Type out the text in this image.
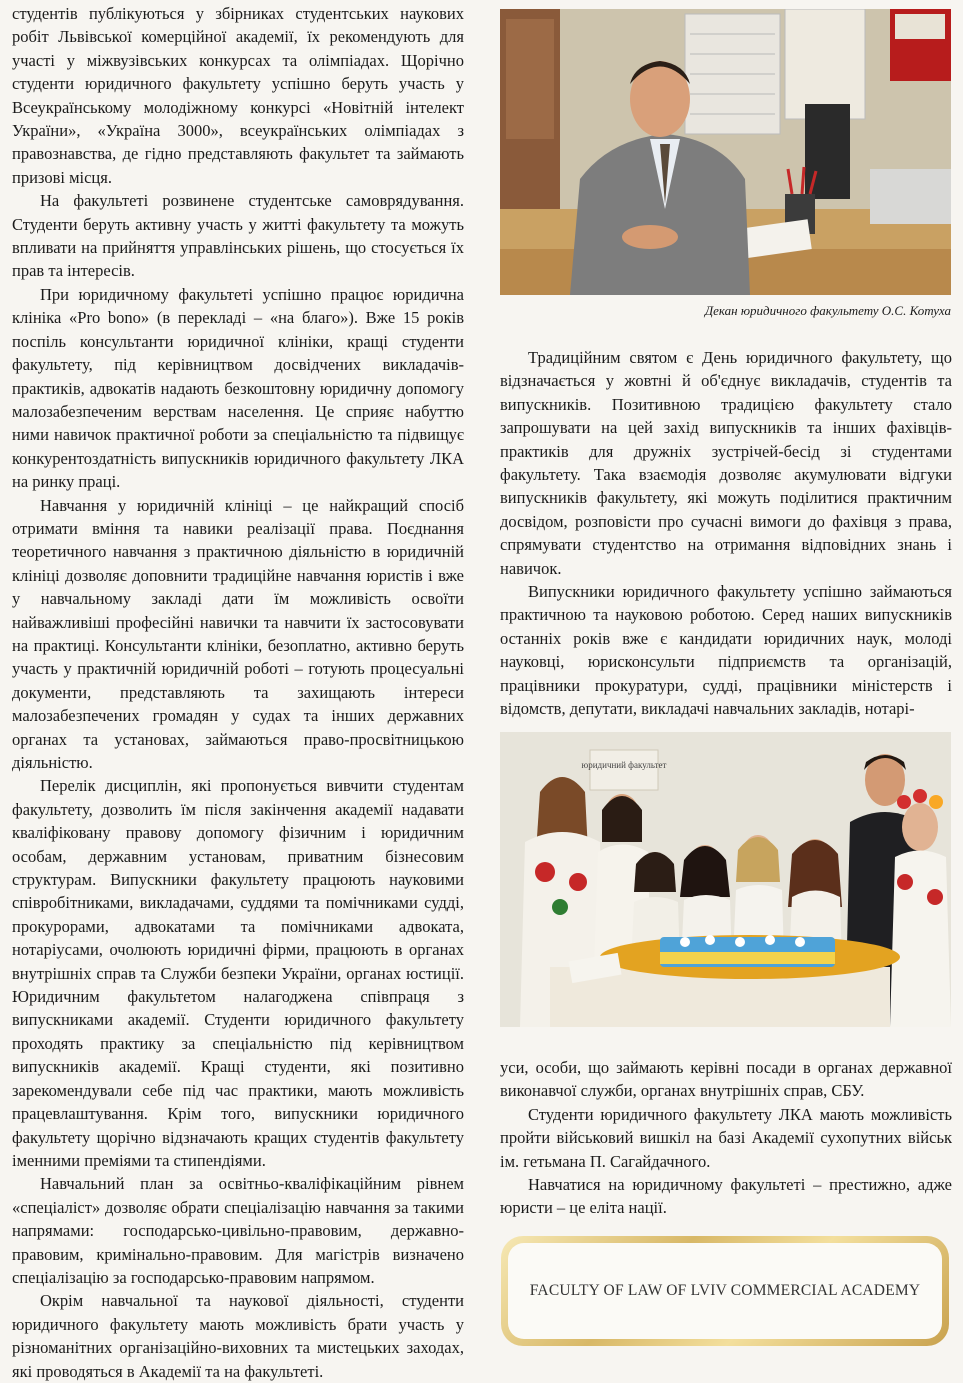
студентів публікуються у збірниках студентських наукових робіт Львівської комерційної академії, їх рекомендують для участі у міжвузівських конкурсах та олімпіадах. Щорічно студенти юридичного факультету успішно беруть участь у Всеукраїнському молодіжному конкурсі «Новітній інтелект України», «Україна 3000», всеукраїнських олімпіадах з правознавства, де гідно представляють факультет та займають призові місця.

На факультеті розвинене студентське самоврядування. Студенти беруть активну участь у житті факультету та можуть впливати на прийняття управлінських рішень, що стосується їх прав та інтересів.

При юридичному факультеті успішно працює юридична клініка «Pro bono» (в перекладі – «на благо»). Вже 15 років поспіль консультанти юридичної клініки, кращі студенти факультету, під керівництвом досвідчених викладачів-практиків, адвокатів надають безкоштовну юридичну допомогу малозабезпеченим верствам населення. Це сприяє набуттю ними навичок практичної роботи за спеціальністю та підвищує конкурентоздатність випускників юридичного факультету ЛКА на ринку праці.

Навчання у юридичній клініці – це найкращий спосіб отримати вміння та навики реалізації права. Поєднання теоретичного навчання з практичною діяльністю в юридичній клініці дозволяє доповнити традиційне навчання юристів і вже у навчальному закладі дати їм можливість освоїти найважливіші професійні навички та навчити їх застосовувати на практиці. Консультанти клініки, безоплатно, активно беруть участь у практичній юридичній роботі – готують процесуальні документи, представляють та захищають інтереси малозабезпечених громадян у судах та інших державних органах та установах, займаються право-просвітницькою діяльністю.

Перелік дисциплін, які пропонується вивчити студентам факультету, дозволить їм після закінчення академії надавати кваліфіковану правову допомогу фізичним і юридичним особам, державним установам, приватним бізнесовим структурам. Випускники факультету працюють науковими співробітниками, викладачами, суддями та помічниками судді, прокурорами, адвокатами та помічниками адвоката, нотаріусами, очолюють юридичні фірми, працюють в органах внутрішніх справ та Служби безпеки України, органах юстиції. Юридичним факультетом налагоджена співпраця з випускниками академії. Студенти юридичного факультету проходять практику за спеціальністю під керівництвом випускників академії. Кращі студенти, які позитивно зарекомендували себе під час практики, мають можливість працевлаштування. Крім того, випускники юридичного факультету щорічно відзначають кращих студентів факультету іменними преміями та стипендіями.

Навчальний план за освітньо-кваліфікаційним рівнем «спеціаліст» дозволяє обрати спеціалізацію навчання за такими напрямами: господарсько-цивільно-правовим, державно-правовим, кримінально-правовим. Для магістрів визначено спеціалізацію за господарсько-правовим напрямом.

Окрім навчальної та наукової діяльності, студенти юридичного факультету мають можливість брати участь у різноманітних організаційно-виховних та мистецьких заходах, які проводяться в Академії та на факультеті.

Декан юридичного факультету О.С. Котуха

Традиційним святом є День юридичного факультету, що відзначається у жовтні й об'єднує викладачів, студентів та випускників. Позитивною традицією факультету стало запрошувати на цей захід випускників та інших фахівців-практиків для дружніх зустрічей-бесід зі студентами факультету. Така взаємодія дозволяє акумулювати відгуки випускників факультету, які можуть поділитися практичним досвідом, розповісти про сучасні вимоги до фахівця з права, спрямувати студентство на отримання відповідних знань і навичок.

Випускники юридичного факультету успішно займаються практичною та науковою роботою. Серед наших випускників останніх років вже є кандидати юридичних наук, молоді науковці, юрисконсульти підприємств та організацій, працівники прокуратури, судді, працівники міністерств і відомств, депутати, викладачі навчальних закладів, нотарі-

юридичний факультет

уси, особи, що займають керівні посади в органах державної виконавчої служби, органах внутрішніх справ, СБУ.

Студенти юридичного факультету ЛКА мають можливість пройти військовий вишкіл на базі Академії сухопутних військ ім. гетьмана П. Сагайдачного.

Навчатися на юридичному факультеті – престижно, адже юристи – це еліта нації.

FACULTY OF LAW OF LVIV COMMERCIAL ACADEMY
